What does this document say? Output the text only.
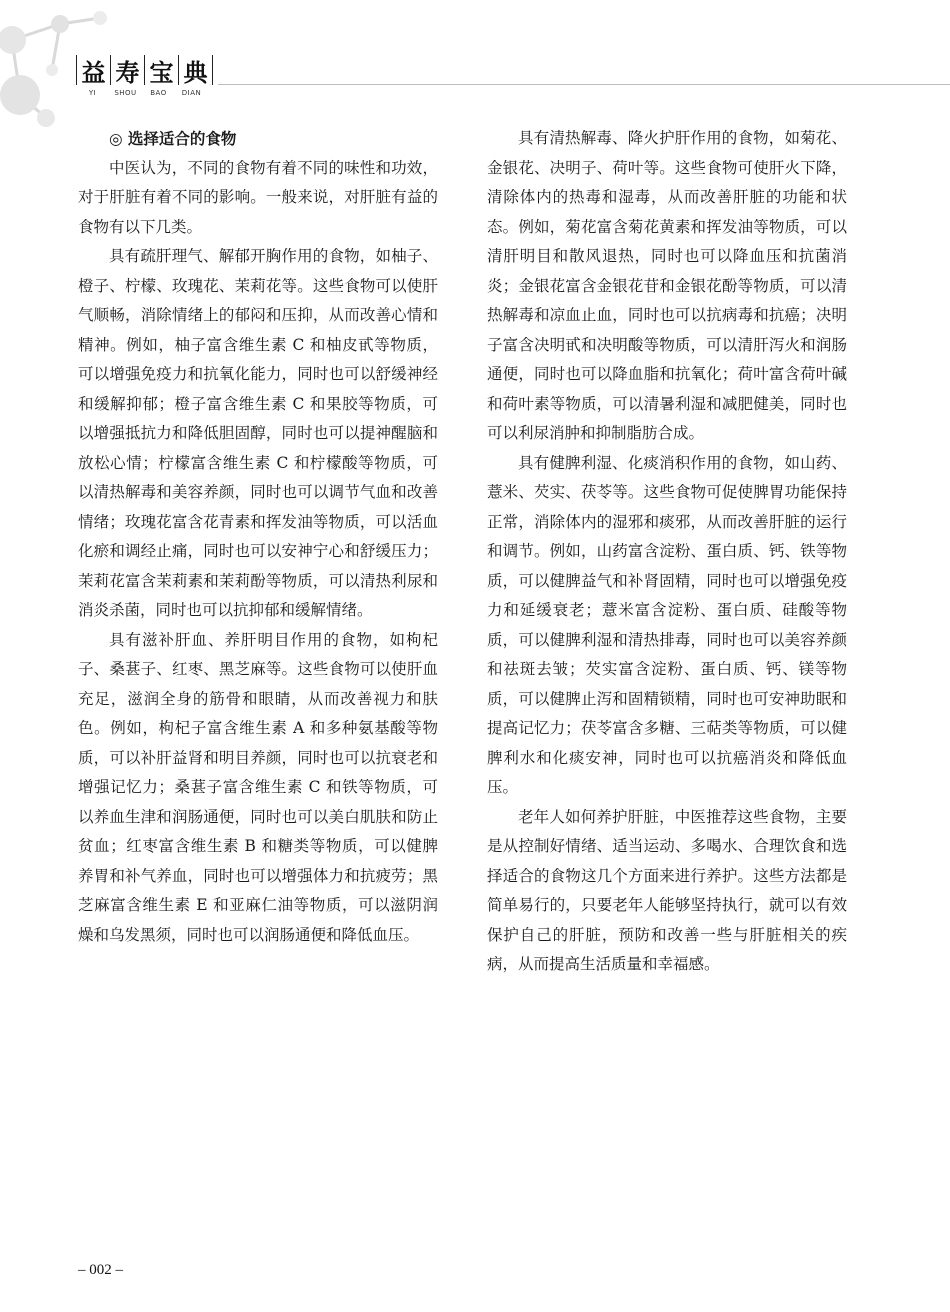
益 寿 宝 典
YI	SHOU	BAO	DIAN

◎ 选择适合的食物

中医认为，不同的食物有着不同的味性和功效，对于肝脏有着不同的影响。一般来说，对肝脏有益的食物有以下几类。

具有疏肝理气、解郁开胸作用的食物，如柚子、橙子、柠檬、玫瑰花、茉莉花等。这些食物可以使肝气顺畅，消除情绪上的郁闷和压抑，从而改善心情和精神。例如，柚子富含维生素 C 和柚皮甙等物质，可以增强免疫力和抗氧化能力，同时也可以舒缓神经和缓解抑郁；橙子富含维生素 C 和果胶等物质，可以增强抵抗力和降低胆固醇，同时也可以提神醒脑和放松心情；柠檬富含维生素 C 和柠檬酸等物质，可以清热解毒和美容养颜，同时也可以调节气血和改善情绪；玫瑰花富含花青素和挥发油等物质，可以活血化瘀和调经止痛，同时也可以安神宁心和舒缓压力；茉莉花富含茉莉素和茉莉酚等物质，可以清热利尿和消炎杀菌，同时也可以抗抑郁和缓解情绪。

具有滋补肝血、养肝明目作用的食物，如枸杞子、桑葚子、红枣、黑芝麻等。这些食物可以使肝血充足，滋润全身的筋骨和眼睛，从而改善视力和肤色。例如，枸杞子富含维生素 A 和多种氨基酸等物质，可以补肝益肾和明目养颜，同时也可以抗衰老和增强记忆力；桑葚子富含维生素 C 和铁等物质，可以养血生津和润肠通便，同时也可以美白肌肤和防止贫血；红枣富含维生素 B 和糖类等物质，可以健脾养胃和补气养血，同时也可以增强体力和抗疲劳；黑芝麻富含维生素 E 和亚麻仁油等物质，可以滋阴润燥和乌发黑须，同时也可以润肠通便和降低血压。

具有清热解毒、降火护肝作用的食物，如菊花、金银花、决明子、荷叶等。这些食物可使肝火下降，清除体内的热毒和湿毒，从而改善肝脏的功能和状态。例如，菊花富含菊花黄素和挥发油等物质，可以清肝明目和散风退热，同时也可以降血压和抗菌消炎；金银花富含金银花苷和金银花酚等物质，可以清热解毒和凉血止血，同时也可以抗病毒和抗癌；决明子富含决明甙和决明酸等物质，可以清肝泻火和润肠通便，同时也可以降血脂和抗氧化；荷叶富含荷叶碱和荷叶素等物质，可以清暑利湿和减肥健美，同时也可以利尿消肿和抑制脂肪合成。

具有健脾利湿、化痰消积作用的食物，如山药、薏米、芡实、茯苓等。这些食物可促使脾胃功能保持正常，消除体内的湿邪和痰邪，从而改善肝脏的运行和调节。例如，山药富含淀粉、蛋白质、钙、铁等物质，可以健脾益气和补肾固精，同时也可以增强免疫力和延缓衰老；薏米富含淀粉、蛋白质、硅酸等物质，可以健脾利湿和清热排毒，同时也可以美容养颜和祛斑去皱；芡实富含淀粉、蛋白质、钙、镁等物质，可以健脾止泻和固精锁精，同时也可安神助眠和提高记忆力；茯苓富含多糖、三萜类等物质，可以健脾利水和化痰安神，同时也可以抗癌消炎和降低血压。

老年人如何养护肝脏，中医推荐这些食物，主要是从控制好情绪、适当运动、多喝水、合理饮食和选择适合的食物这几个方面来进行养护。这些方法都是简单易行的，只要老年人能够坚持执行，就可以有效保护自己的肝脏，预防和改善一些与肝脏相关的疾病，从而提高生活质量和幸福感。

– 002 –
